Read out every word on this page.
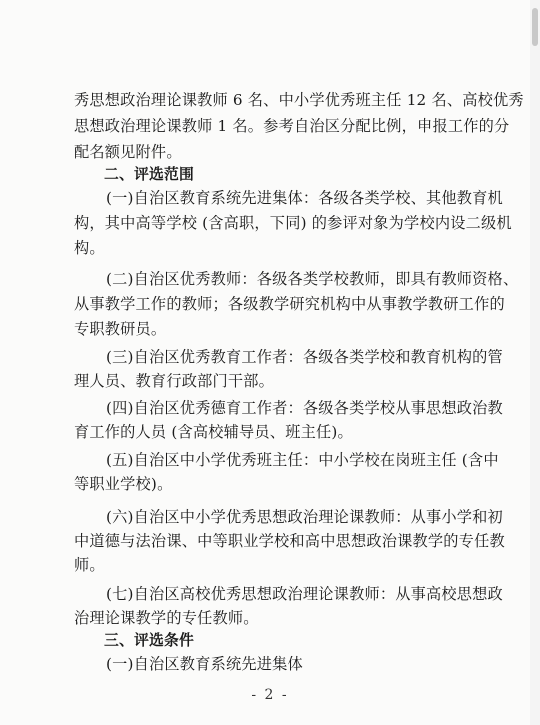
秀思想政治理论课教师 6 名、中小学优秀班主任 12 名、高校优秀
思想政治理论课教师 1 名。参考自治区分配比例，申报工作的分
配名额见附件。
二、评选范围
(一)自治区教育系统先进集体：各级各类学校、其他教育机
构，其中高等学校 (含高职，下同) 的参评对象为学校内设二级机
构。
(二)自治区优秀教师：各级各类学校教师，即具有教师资格、
从事教学工作的教师；各级教学研究机构中从事教学教研工作的
专职教研员。
(三)自治区优秀教育工作者：各级各类学校和教育机构的管
理人员、教育行政部门干部。
(四)自治区优秀德育工作者：各级各类学校从事思想政治教
育工作的人员 (含高校辅导员、班主任)。
(五)自治区中小学优秀班主任：中小学校在岗班主任 (含中
等职业学校)。
(六)自治区中小学优秀思想政治理论课教师：从事小学和初
中道德与法治课、中等职业学校和高中思想政治课教学的专任教
师。
(七)自治区高校优秀思想政治理论课教师：从事高校思想政
治理论课教学的专任教师。
三、评选条件
(一)自治区教育系统先进集体
- 2 -
